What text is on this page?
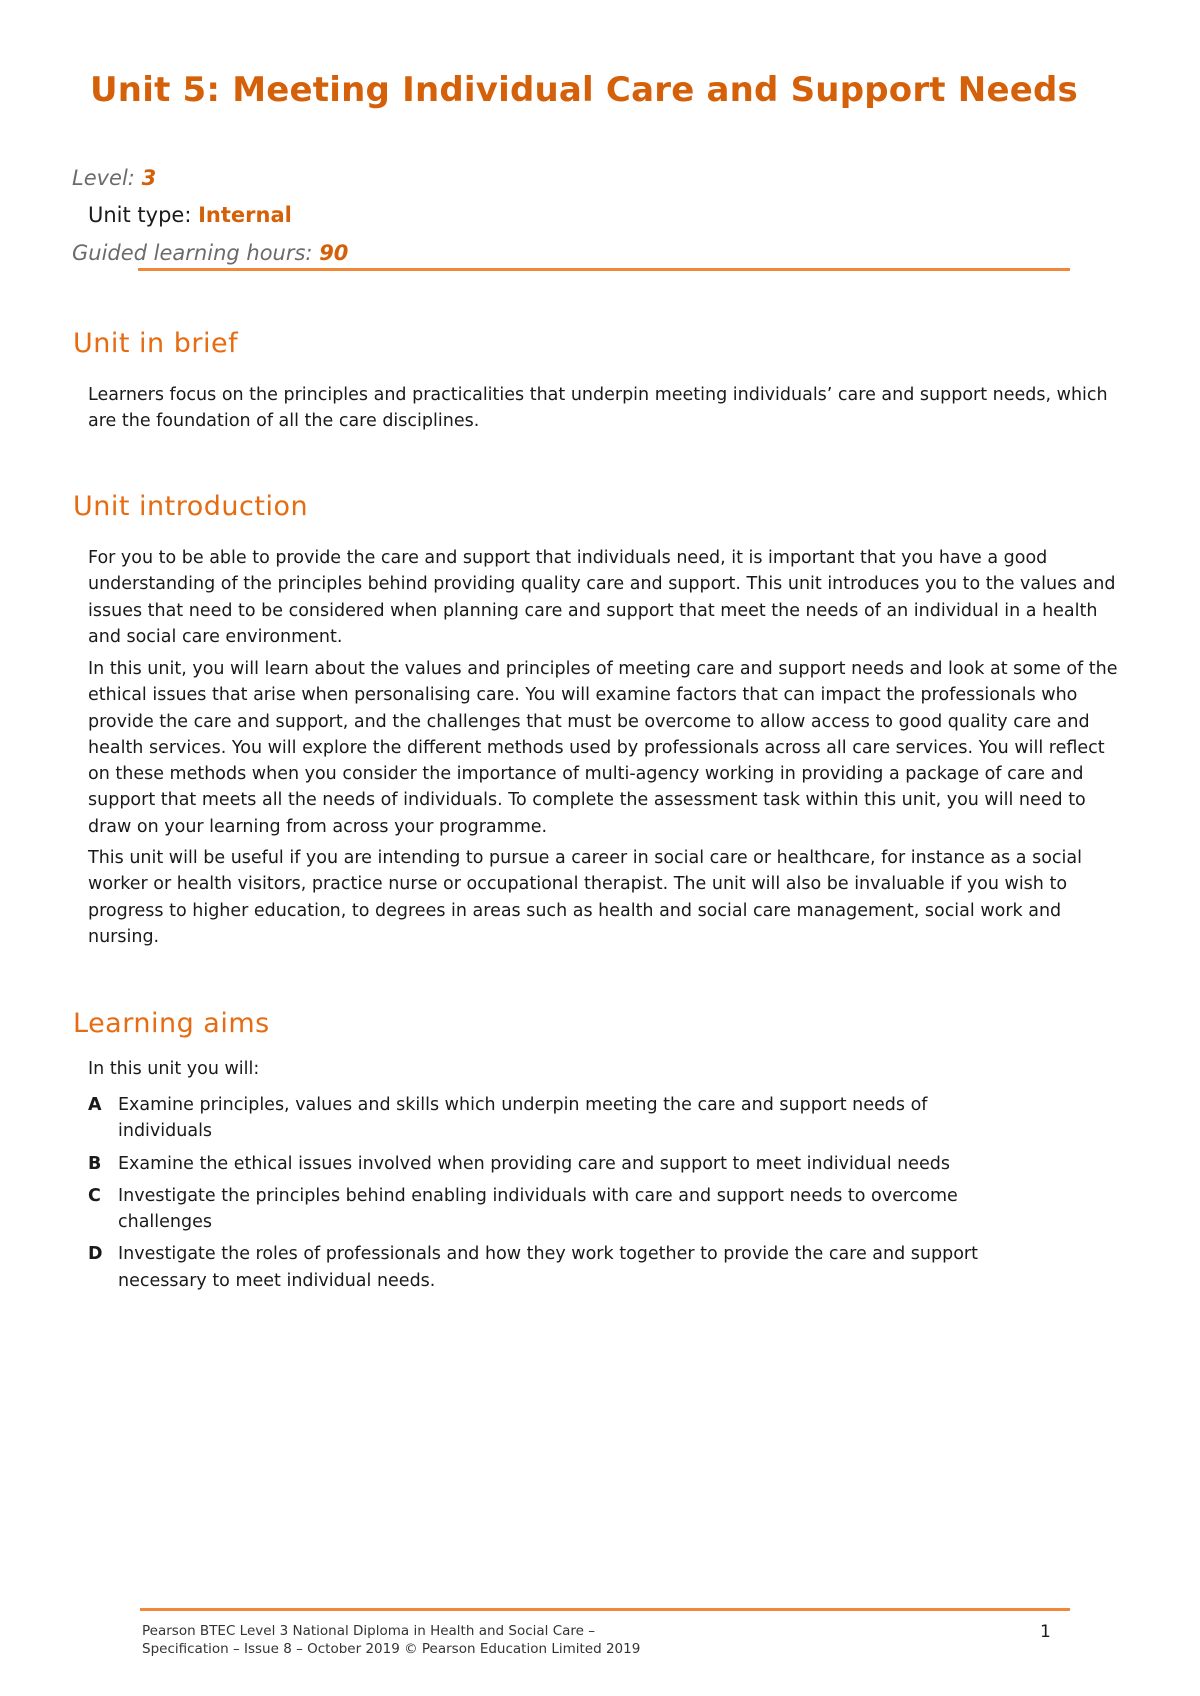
Unit 5: Meeting Individual Care and Support Needs
Level: 3
Unit type: Internal
Guided learning hours: 90
Unit in brief

Learners focus on the principles and practicalities that underpin meeting individuals’ care and support needs, which are the foundation of all the care disciplines.

Unit introduction

For you to be able to provide the care and support that individuals need, it is important that you have a good understanding of the principles behind providing quality care and support. This unit introduces you to the values and issues that need to be considered when planning care and support that meet the needs of an individual in a health and social care environment.

In this unit, you will learn about the values and principles of meeting care and support needs and look at some of the ethical issues that arise when personalising care. You will examine factors that can impact the professionals who provide the care and support, and the challenges that must be overcome to allow access to good quality care and health services. You will explore the different methods used by professionals across all care services. You will reflect on these methods when you consider the importance of multi-agency working in providing a package of care and support that meets all the needs of individuals. To complete the assessment task within this unit, you will need to draw on your learning from across your programme.

This unit will be useful if you are intending to pursue a career in social care or healthcare, for instance as a social worker or health visitors, practice nurse or occupational therapist. The unit will also be invaluable if you wish to progress to higher education, to degrees in areas such as health and social care management, social work and nursing.

Learning aims

In this unit you will:

A Examine principles, values and skills which underpin meeting the care and support needs of individuals
B Examine the ethical issues involved when providing care and support to meet individual needs
C Investigate the principles behind enabling individuals with care and support needs to overcome challenges
D Investigate the roles of professionals and how they work together to provide the care and support necessary to meet individual needs.
Pearson BTEC Level 3 National Diploma in Health and Social Care –
Specification – Issue 8 – October 2019 © Pearson Education Limited 2019
1
